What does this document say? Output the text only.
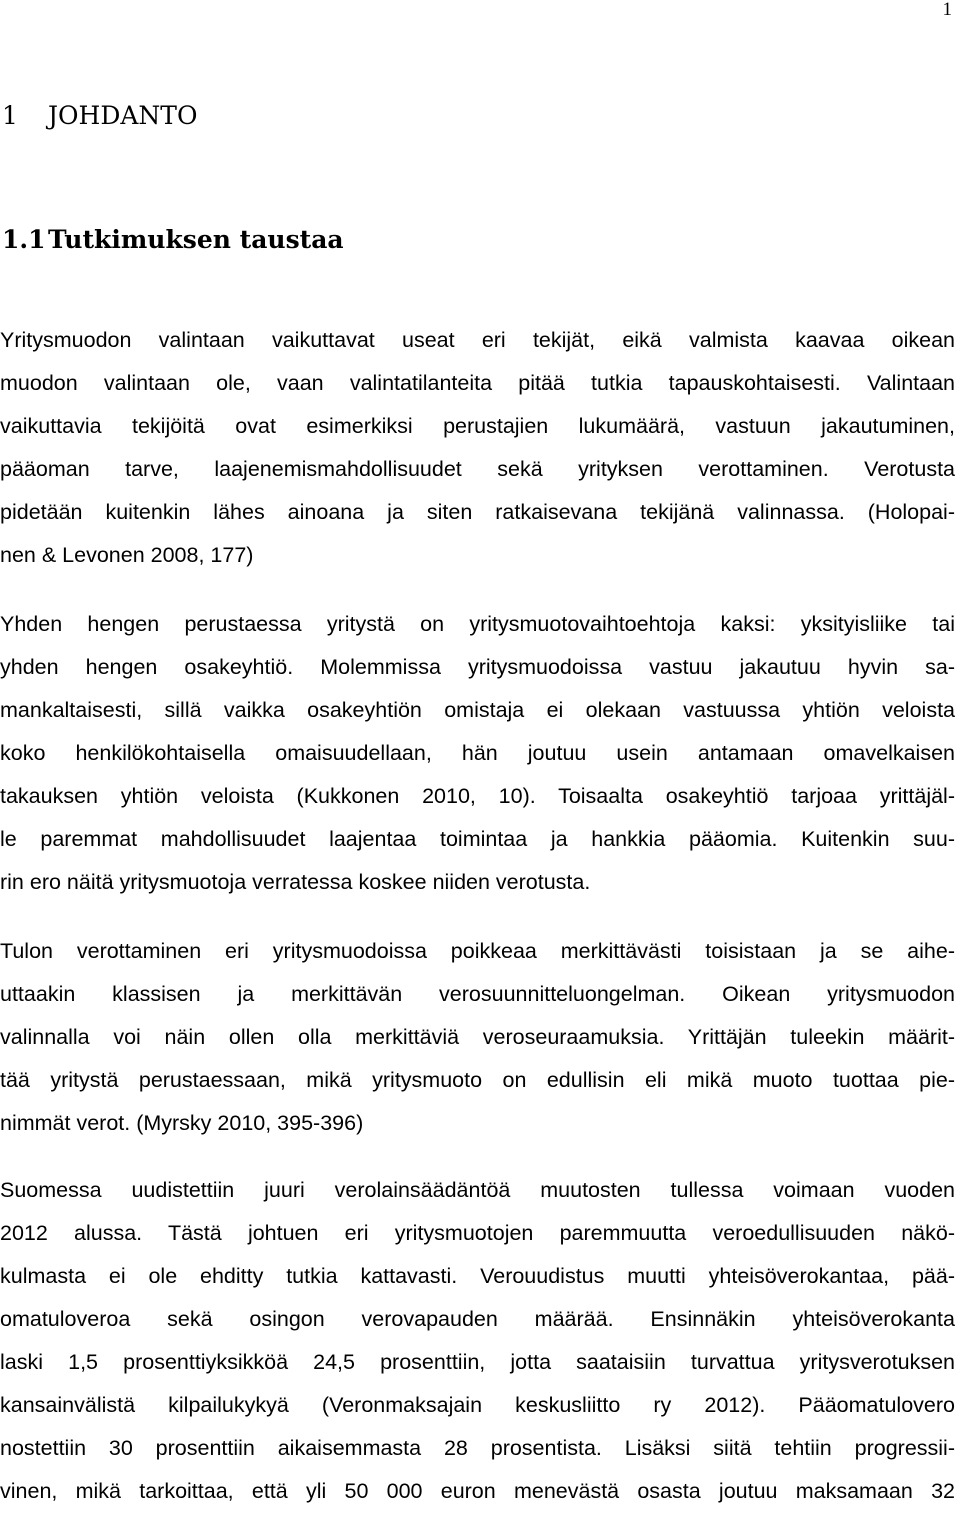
1
1 JOHDANTO
1.1 Tutkimuksen taustaa
Yritysmuodon valintaan vaikuttavat useat eri tekijät, eikä valmista kaavaa oikean
muodon valintaan ole, vaan valintatilanteita pitää tutkia tapauskohtaisesti. Valintaan
vaikuttavia tekijöitä ovat esimerkiksi perustajien lukumäärä, vastuun jakautuminen,
pääoman tarve, laajenemismahdollisuudet sekä yrityksen verottaminen. Verotusta
pidetään kuitenkin lähes ainoana ja siten ratkaisevana tekijänä valinnassa. (Holopai-
nen & Levonen 2008, 177)
Yhden hengen perustaessa yritystä on yritysmuotovaihtoehtoja kaksi: yksityisliike tai
yhden hengen osakeyhtiö. Molemmissa yritysmuodoissa vastuu jakautuu hyvin sa-
mankaltaisesti, sillä vaikka osakeyhtiön omistaja ei olekaan vastuussa yhtiön veloista
koko henkilökohtaisella omaisuudellaan, hän joutuu usein antamaan omavelkaisen
takauksen yhtiön veloista (Kukkonen 2010, 10). Toisaalta osakeyhtiö tarjoaa yrittäjäl-
le paremmat mahdollisuudet laajentaa toimintaa ja hankkia pääomia. Kuitenkin suu-
rin ero näitä yritysmuotoja verratessa koskee niiden verotusta.
Tulon verottaminen eri yritysmuodoissa poikkeaa merkittävästi toisistaan ja se aihe-
uttaakin klassisen ja merkittävän verosuunnitteluongelman. Oikean yritysmuodon
valinnalla voi näin ollen olla merkittäviä veroseuraamuksia. Yrittäjän tuleekin määrit-
tää yritystä perustaessaan, mikä yritysmuoto on edullisin eli mikä muoto tuottaa pie-
nimmät verot. (Myrsky 2010, 395-396)
Suomessa uudistettiin juuri verolainsäädäntöä muutosten tullessa voimaan vuoden
2012 alussa. Tästä johtuen eri yritysmuotojen paremmuutta veroedullisuuden näkö-
kulmasta ei ole ehditty tutkia kattavasti. Verouudistus muutti yhteisöverokantaa, pää-
omatuloveroa sekä osingon verovapauden määrää. Ensinnäkin yhteisöverokanta
laski 1,5 prosenttiyksikköä 24,5 prosenttiin, jotta saataisiin turvattua yritysverotuksen
kansainvälistä kilpailukykyä (Veronmaksajain keskusliitto ry 2012). Pääomatulovero
nostettiin 30 prosenttiin aikaisemmasta 28 prosentista. Lisäksi siitä tehtiin progressii-
vinen, mikä tarkoittaa, että yli 50 000 euron menevästä osasta joutuu maksamaan 32
